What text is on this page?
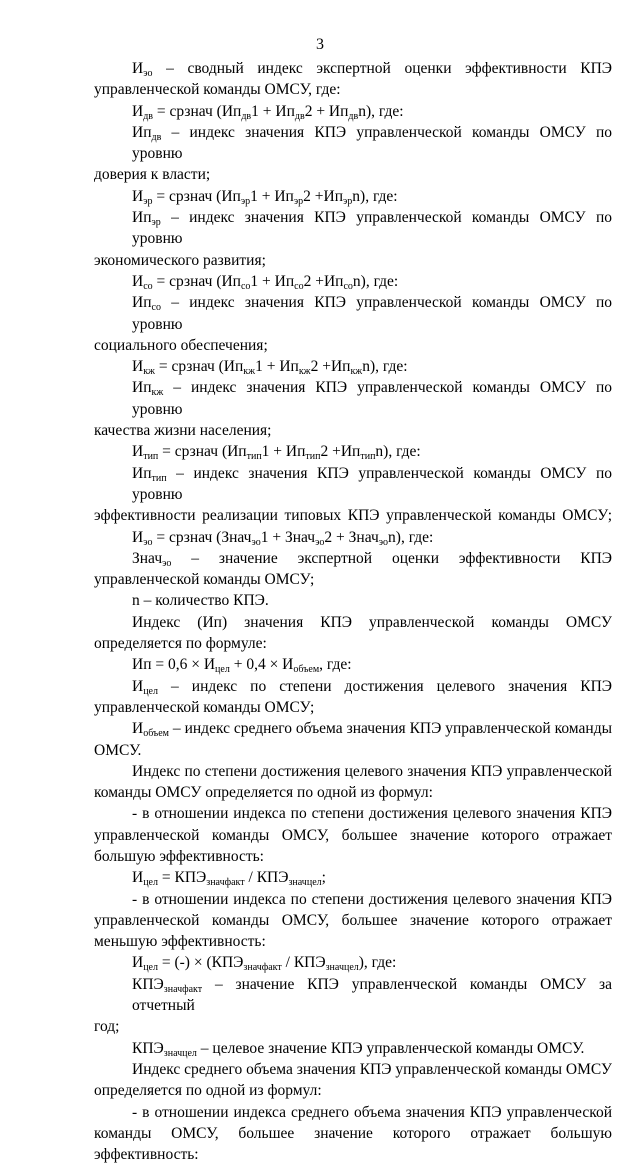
3
$И_{эо}$ – сводный индекс экспертной оценки эффективности КПЭ
управленческой команды ОМСУ, где:
$И_{дв}$ = срзнач $(Ип_{дв}1 + Ип_{дв}2 + Ип_{дв}n)$, где:
$Ип_{дв}$ – индекс значения КПЭ управленческой команды ОМСУ по уровню
доверия к власти;
$И_{эр}$ = срзнач $(Ип_{эр}1 + Ип_{эр}2 +Ип_{эр}n)$, где:
$Ип_{эр}$ – индекс значения КПЭ управленческой команды ОМСУ по уровню
экономического развития;
$И_{со}$ = срзнач $(Ип_{со}1 + Ип_{со}2 +Ип_{со}n)$, где:
$Ип_{со}$ – индекс значения КПЭ управленческой команды ОМСУ по уровню
социального обеспечения;
$И_{кж}$ = срзнач $(Ип_{кж}1 + Ип_{кж}2 +Ип_{кж}n)$, где:
$Ип_{кж}$ – индекс значения КПЭ управленческой команды ОМСУ по уровню
качества жизни населения;
$И_{тип}$ = срзнач $(Ип_{тип}1 + Ип_{тип}2 +Ип_{тип}n)$, где:
$Ип_{тип}$ – индекс значения КПЭ управленческой команды ОМСУ по уровню
эффективности реализации типовых КПЭ управленческой команды ОМСУ;
$И_{эо}$ = срзнач (Знач$_{эо}$1 + Знач$_{эо}$2 + Знач$_{эо}$n), где:
Знач$_{эо}$ – значение экспертной оценки эффективности КПЭ
управленческой команды ОМСУ;
n – количество КПЭ.
Индекс (Ип) значения КПЭ управленческой команды ОМСУ
определяется по формуле:
Ип = $0,6 \times И_{цел} + 0,4 \times И_{объем}$, где:
$И_{цел}$ – индекс по степени достижения целевого значения КПЭ
управленческой команды ОМСУ;
$И_{объем}$ – индекс среднего объема значения КПЭ управленческой команды
ОМСУ.
Индекс по степени достижения целевого значения КПЭ управленческой
команды ОМСУ определяется по одной из формул:
- в отношении индекса по степени достижения целевого значения КПЭ
управленческой команды ОМСУ, большее значение которого отражает
большую эффективность:
$И_{цел} = КПЭ_{значфакт} / КПЭ_{значцел}$;
- в отношении индекса по степени достижения целевого значения КПЭ
управленческой команды ОМСУ, большее значение которого отражает
меньшую эффективность:
$И_{цел}$ = (-) × $(КПЭ_{значфакт} / КПЭ_{значцел})$, где:
$КПЭ_{значфакт}$ – значение КПЭ управленческой команды ОМСУ за отчетный
год;
$КПЭ_{значцел}$ – целевое значение КПЭ управленческой команды ОМСУ.
Индекс среднего объема значения КПЭ управленческой команды ОМСУ
определяется по одной из формул:
- в отношении индекса среднего объема значения КПЭ управленческой
команды ОМСУ, большее значение которого отражает большую
эффективность:
